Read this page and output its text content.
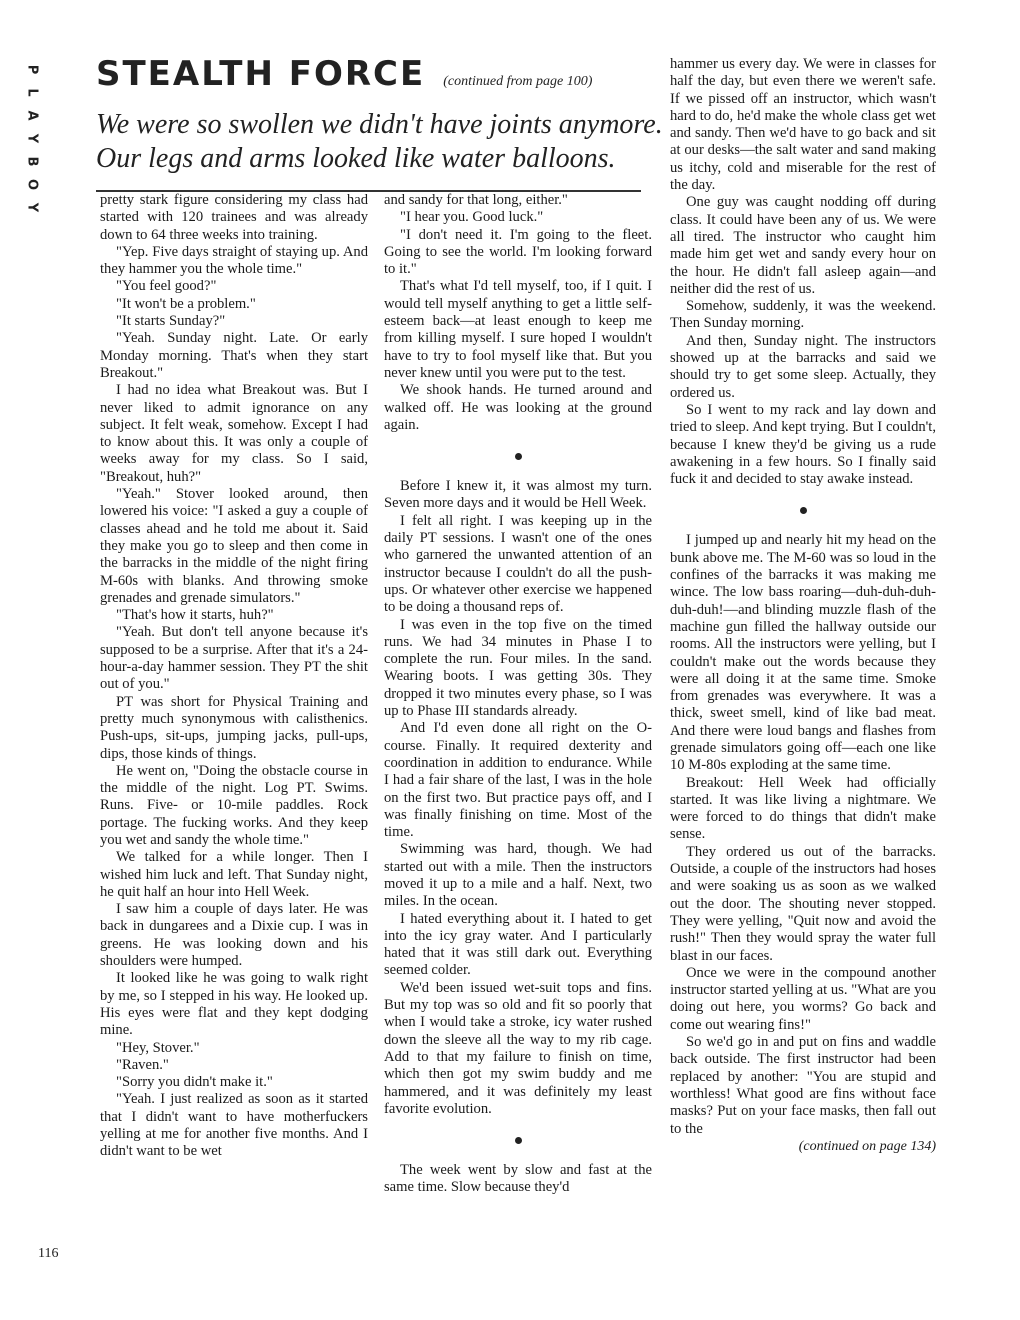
P
L
A
Y
B
O
Y
STEALTH FORCE (continued from page 100)

We were so swollen we didn't have joints anymore. Our legs and arms looked like water balloons.

pretty stark figure considering my class had started with 120 trainees and was already down to 64 three weeks into training.

"Yep. Five days straight of staying up. And they hammer you the whole time."

"You feel good?"

"It won't be a problem."

"It starts Sunday?"

"Yeah. Sunday night. Late. Or early Monday morning. That's when they start Breakout."

I had no idea what Breakout was. But I never liked to admit ignorance on any subject. It felt weak, somehow. Except I had to know about this. It was only a couple of weeks away for my class. So I said, "Breakout, huh?"

"Yeah." Stover looked around, then lowered his voice: "I asked a guy a couple of classes ahead and he told me about it. Said they make you go to sleep and then come in the barracks in the middle of the night firing M-60s with blanks. And throwing smoke grenades and grenade simulators."

"That's how it starts, huh?"

"Yeah. But don't tell anyone because it's supposed to be a surprise. After that it's a 24-hour-a-day hammer session. They PT the shit out of you."

PT was short for Physical Training and pretty much synonymous with calisthenics. Push-ups, sit-ups, jumping jacks, pull-ups, dips, those kinds of things.

He went on, "Doing the obstacle course in the middle of the night. Log PT. Swims. Runs. Five- or 10-mile paddles. Rock portage. The fucking works. And they keep you wet and sandy the whole time."

We talked for a while longer. Then I wished him luck and left. That Sunday night, he quit half an hour into Hell Week.

I saw him a couple of days later. He was back in dungarees and a Dixie cup. I was in greens. He was looking down and his shoulders were humped.

It looked like he was going to walk right by me, so I stepped in his way. He looked up. His eyes were flat and they kept dodging mine.

"Hey, Stover."

"Raven."

"Sorry you didn't make it."

"Yeah. I just realized as soon as it started that I didn't want to have motherfuckers yelling at me for another five months. And I didn't want to be wet

and sandy for that long, either."

"I hear you. Good luck."

"I don't need it. I'm going to the fleet. Going to see the world. I'm looking forward to it."

That's what I'd tell myself, too, if I quit. I would tell myself anything to get a little self-esteem back—at least enough to keep me from killing myself. I sure hoped I wouldn't have to try to fool myself like that. But you never knew until you were put to the test.

We shook hands. He turned around and walked off. He was looking at the ground again.

Before I knew it, it was almost my turn. Seven more days and it would be Hell Week.

I felt all right. I was keeping up in the daily PT sessions. I wasn't one of the ones who garnered the unwanted attention of an instructor because I couldn't do all the push-ups. Or whatever other exercise we happened to be doing a thousand reps of.

I was even in the top five on the timed runs. We had 34 minutes in Phase I to complete the run. Four miles. In the sand. Wearing boots. I was getting 30s. They dropped it two minutes every phase, so I was up to Phase III standards already.

And I'd even done all right on the O-course. Finally. It required dexterity and coordination in addition to endurance. While I had a fair share of the last, I was in the hole on the first two. But practice pays off, and I was finally finishing on time. Most of the time.

Swimming was hard, though. We had started out with a mile. Then the instructors moved it up to a mile and a half. Next, two miles. In the ocean.

I hated everything about it. I hated to get into the icy gray water. And I particularly hated that it was still dark out. Everything seemed colder.

We'd been issued wet-suit tops and fins. But my top was so old and fit so poorly that when I would take a stroke, icy water rushed down the sleeve all the way to my rib cage. Add to that my failure to finish on time, which then got my swim buddy and me hammered, and it was definitely my least favorite evolution.

The week went by slow and fast at the same time. Slow because they'd

hammer us every day. We were in classes for half the day, but even there we weren't safe. If we pissed off an instructor, which wasn't hard to do, he'd make the whole class get wet and sandy. Then we'd have to go back and sit at our desks—the salt water and sand making us itchy, cold and miserable for the rest of the day.

One guy was caught nodding off during class. It could have been any of us. We were all tired. The instructor who caught him made him get wet and sandy every hour on the hour. He didn't fall asleep again—and neither did the rest of us.

Somehow, suddenly, it was the weekend. Then Sunday morning.

And then, Sunday night. The instructors showed up at the barracks and said we should try to get some sleep. Actually, they ordered us.

So I went to my rack and lay down and tried to sleep. And kept trying. But I couldn't, because I knew they'd be giving us a rude awakening in a few hours. So I finally said fuck it and decided to stay awake instead.

I jumped up and nearly hit my head on the bunk above me. The M-60 was so loud in the confines of the barracks it was making me wince. The low bass roaring—duh-duh-duh-duh-duh!—and blinding muzzle flash of the machine gun filled the hallway outside our rooms. All the instructors were yelling, but I couldn't make out the words because they were all doing it at the same time. Smoke from grenades was everywhere. It was a thick, sweet smell, kind of like bad meat. And there were loud bangs and flashes from grenade simulators going off—each one like 10 M-80s exploding at the same time.

Breakout: Hell Week had officially started. It was like living a nightmare. We were forced to do things that didn't make sense.

They ordered us out of the barracks. Outside, a couple of the instructors had hoses and were soaking us as soon as we walked out the door. The shouting never stopped. They were yelling, "Quit now and avoid the rush!" Then they would spray the water full blast in our faces.

Once we were in the compound another instructor started yelling at us. "What are you doing out here, you worms? Go back and come out wearing fins!"

So we'd go in and put on fins and waddle back outside. The first instructor had been replaced by another: "You are stupid and worthless! What good are fins without face masks? Put on your face masks, then fall out to the

(continued on page 134)

116
